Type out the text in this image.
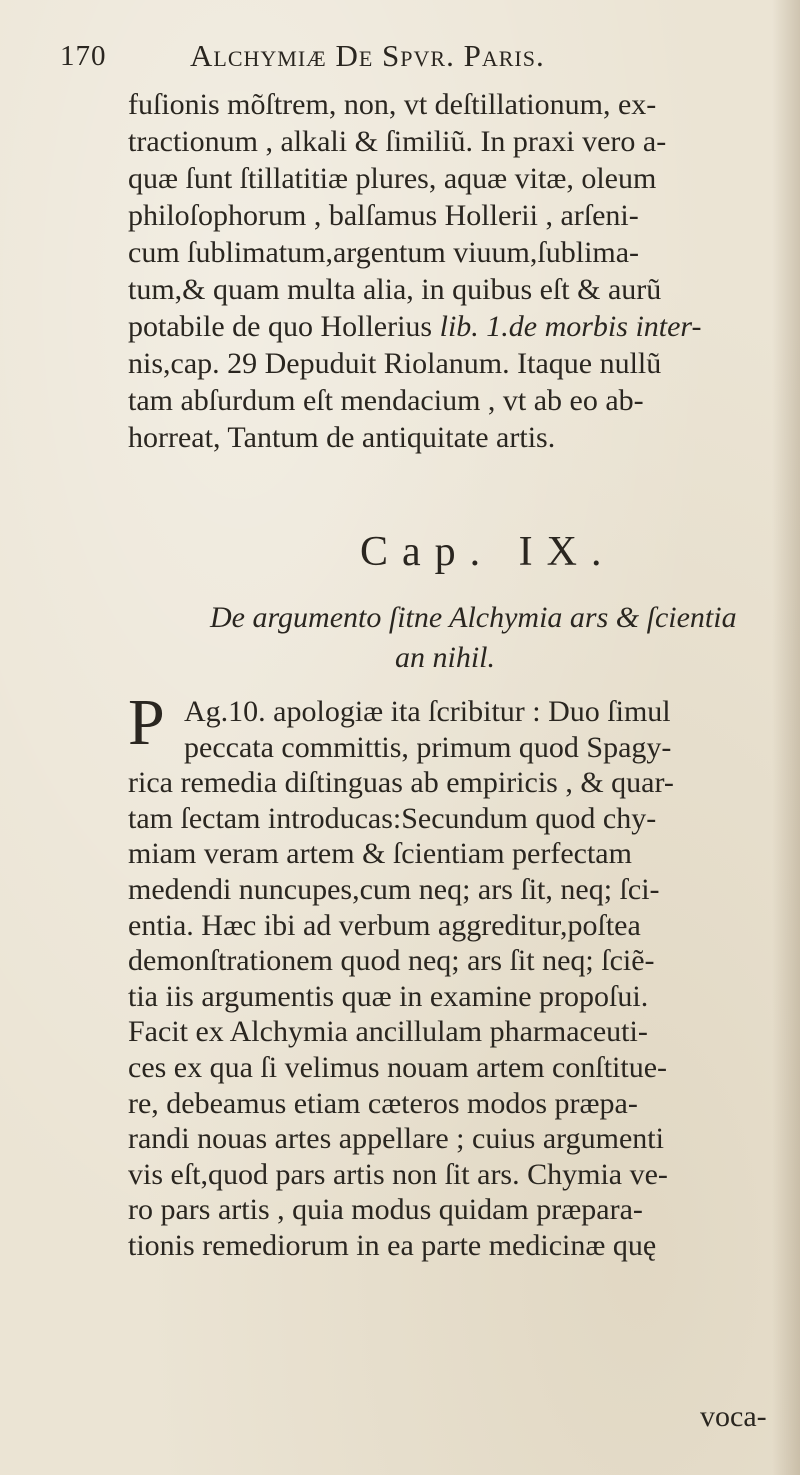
170	Alchymiæ De Spvr. Paris.
fuſionis mõſtrem, non, vt deſtillationum, ex-
tractionum , alkali & ſimiliũ. In praxi vero a-
quæ ſunt ſtillatitiæ plures, aquæ vitæ, oleum
philoſophorum , balſamus Hollerii , arſeni-
cum ſublimatum,argentum viuum,ſublima-
tum,& quam multa alia, in quibus eſt & aurũ
potabile de quo Hollerius lib. 1.de morbis inter-
nis,cap. 29 Depuduit Riolanum. Itaque nullũ
tam abſurdum eſt mendacium , vt ab eo ab-
horreat, Tantum de antiquitate artis.
Cap. IX.
De argumento ſitne Alchymia ars & ſcientia
an nihil.
P Ag.10. apologiæ ita ſcribitur : Duo ſimul
peccata committis, primum quod Spagy-
rica remedia diſtinguas ab empiricis , & quar-
tam ſectam introducas:Secundum quod chy-
miam veram artem & ſcientiam perfectam
medendi nuncupes,cum neq; ars ſit, neq; ſci-
entia. Hæc ibi ad verbum aggreditur,poſtea
demonſtrationem quod neq; ars ſit neq; ſciẽ-
tia iis argumentis quæ in examine propoſui.
Facit ex Alchymia ancillulam pharmaceuti-
ces ex qua ſi velimus nouam artem conſtitue-
re, debeamus etiam cæteros modos præpa-
randi nouas artes appellare ; cuius argumenti
vis eſt,quod pars artis non ſit ars. Chymia ve-
ro pars artis , quia modus quidam præpara-
tionis remediorum in ea parte medicinæ quę
voca-
